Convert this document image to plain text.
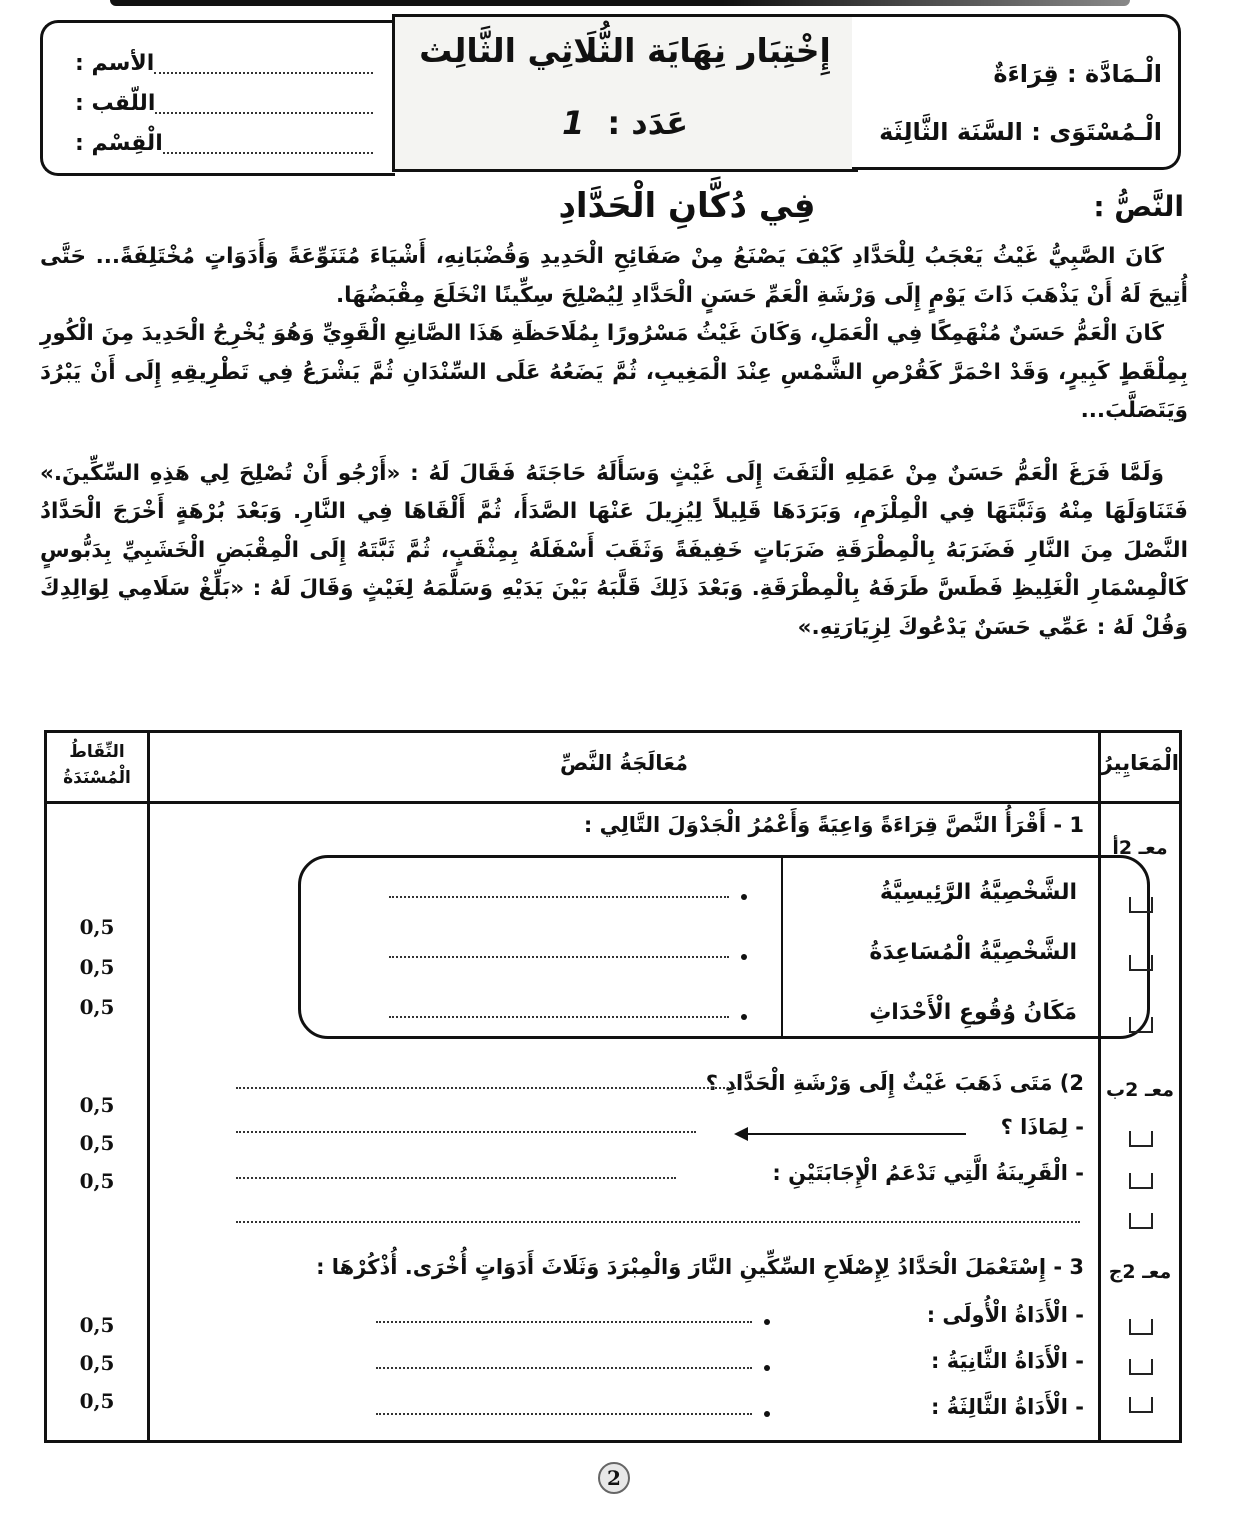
الأسم :
اللّقب :
الْقِسْم :
إِخْتِبَار نِهَايَة الثُّلَاثِي الثَّالِث
عَدَد : 1
الْـمَادَّة : قِرَاءَةٌ
الْـمُسْتَوَى : السَّنَة الثَّالِثَة
النَّصُّ :
فِي دُكَّانِ الْحَدَّادِ

كَانَ الصَّبِيُّ غَيْثُ يَعْجَبُ لِلْحَدَّادِ كَيْفَ يَصْنَعُ مِنْ صَفَائِحِ الْحَدِيدِ وَقُضْبَانِهِ، أَشْيَاءَ مُتَنَوِّعَةً وَأَدَوَاتٍ مُخْتَلِفَةً... حَتَّى أُتِيحَ لَهُ أَنْ يَذْهَبَ ذَاتَ يَوْمٍ إِلَى وَرْشَةِ الْعَمِّ حَسَنٍ الْحَدَّادِ لِيُصْلِحَ سِكِّينًا انْخَلَعَ مِقْبَضُهَا.

كَانَ الْعَمُّ حَسَنٌ مُنْهَمِكًا فِي الْعَمَلِ، وَكَانَ غَيْثُ مَسْرُورًا بِمُلَاحَظَةِ هَذَا الصَّانِعِ الْقَوِيِّ وَهُوَ يُخْرِجُ الْحَدِيدَ مِنَ الْكُورِ بِمِلْقَطٍ كَبِيرٍ، وَقَدْ احْمَرَّ كَقُرْصِ الشَّمْسِ عِنْدَ الْمَغِيبِ، ثُمَّ يَضَعُهُ عَلَى السِّنْدَانِ ثُمَّ يَشْرَعُ فِي تَطْرِيقِهِ إِلَى أَنْ يَبْرُدَ وَيَتَصَلَّبَ...

وَلَمَّا فَرَغَ الْعَمُّ حَسَنٌ مِنْ عَمَلِهِ الْتَفَتَ إِلَى غَيْثٍ وَسَأَلَهُ حَاجَتَهُ فَقَالَ لَهُ : «أَرْجُو أَنْ تُصْلِحَ لِي هَذِهِ السِّكِّينَ.» فَتَنَاوَلَهَا مِنْهُ وَثَبَّتَهَا فِي الْمِلْزَمِ، وَبَرَدَهَا قَلِيلاً لِيُزِيلَ عَنْهَا الصَّدَأَ، ثُمَّ أَلْقَاهَا فِي النَّارِ. وَبَعْدَ بُرْهَةٍ أَخْرَجَ الْحَدَّادُ النَّصْلَ مِنَ النَّارِ فَضَرَبَهُ بِالْمِطْرَقَةِ ضَرَبَاتٍ خَفِيفَةً وَثَقَبَ أَسْفَلَهُ بِمِثْقَبٍ، ثُمَّ ثَبَّتَهُ إِلَى الْمِقْبَضِ الْخَشَبِيِّ بِدَبُّوسٍ كَالْمِسْمَارِ الْغَلِيظِ فَطَسَّ طَرَفَهُ بِالْمِطْرَقَةِ. وَبَعْدَ ذَلِكَ قَلَّبَهُ بَيْنَ يَدَيْهِ وَسَلَّمَهُ لِغَيْثٍ وَقَالَ لَهُ : «بَلِّغْ سَلَامِي لِوَالِدِكَ وَقُلْ لَهُ : عَمِّي حَسَنٌ يَدْعُوكَ لِزِيَارَتِهِ.»

النِّقَاطُ الْمُسْنَدَةُ
0,5
0,5
0,5
0,5
0,5
0,5
0,5
0,5
0,5
مُعَالَجَةُ النَّصِّ
1 - أَقْرَأُ النَّصَّ قِرَاءَةً وَاعِيَةً وَأَعْمُرُ الْجَدْوَلَ التَّالِي :
الشَّخْصِيَّةُ الرَّئِيسِيَّةُ
الشَّخْصِيَّةُ الْمُسَاعِدَةُ
مَكَانُ وُقُوعِ الْأَحْدَاثِ
2) مَتَى ذَهَبَ غَيْثٌ إِلَى وَرْشَةِ الْحَدَّادِ ؟
- لِمَاذَا ؟
- الْقَرِينَةُ الَّتِي تَدْعَمُ الْإِجَابَتَيْنِ :
3 - إِسْتَعْمَلَ الْحَدَّادُ لِإِصْلَاحِ السِّكِّينِ النَّارَ وَالْمِبْرَدَ وَثَلَاثَ أَدَوَاتٍ أُخْرَى. أُذْكُرْهَا :
- الْأَدَاةُ الْأُولَى :
- الْأَدَاةُ الثَّانِيَةُ :
- الْأَدَاةُ الثَّالِثَةُ :
الْمَعَايِيرُ
معـ 2أ
معـ 2ب
معـ 2ج
2
